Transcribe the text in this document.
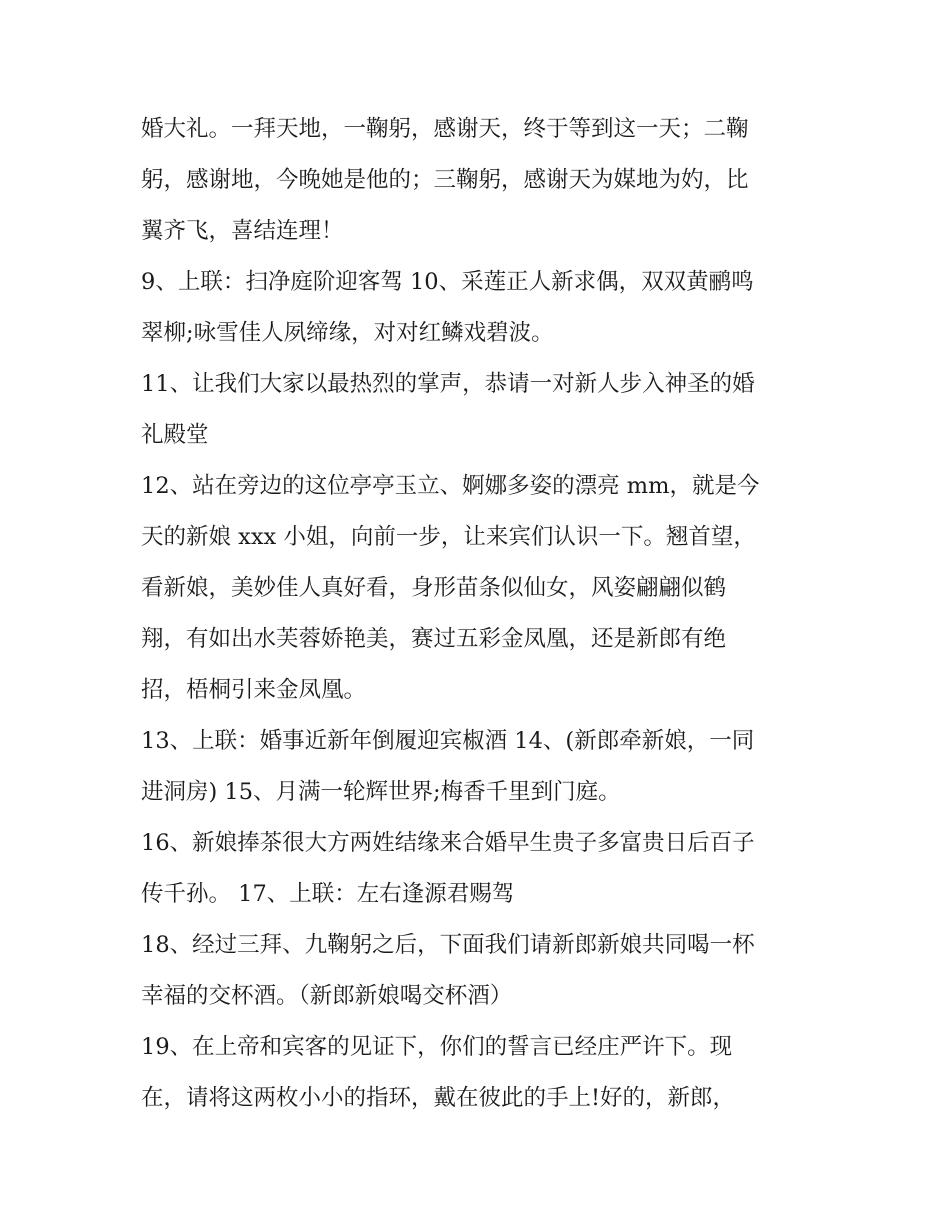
婚大礼。一拜天地，一鞠躬，感谢天，终于等到这一天；二鞠
躬，感谢地，今晚她是他的；三鞠躬，感谢天为媒地为妁，比
翼齐飞，喜结连理！
9、上联：扫净庭阶迎客驾 10、采莲正人新求偶，双双黄鹂鸣
翠柳;咏雪佳人夙缔缘，对对红鳞戏碧波。
11、让我们大家以最热烈的掌声，恭请一对新人步入神圣的婚
礼殿堂
12、站在旁边的这位亭亭玉立、婀娜多姿的漂亮 mm，就是今
天的新娘 xxx 小姐，向前一步，让来宾们认识一下。翘首望，
看新娘，美妙佳人真好看，身形苗条似仙女，风姿翩翩似鹤
翔，有如出水芙蓉娇艳美，赛过五彩金凤凰，还是新郎有绝
招，梧桐引来金凤凰。
13、上联：婚事近新年倒履迎宾椒酒 14、(新郎牵新娘，一同
进洞房) 15、月满一轮辉世界;梅香千里到门庭。
16、新娘捧茶很大方两姓结缘来合婚早生贵子多富贵日后百子
传千孙。 17、上联：左右逢源君赐驾
18、经过三拜、九鞠躬之后，下面我们请新郎新娘共同喝一杯
幸福的交杯酒。（新郎新娘喝交杯酒）
19、在上帝和宾客的见证下，你们的誓言已经庄严许下。现
在，请将这两枚小小的指环，戴在彼此的手上!好的，新郎，
